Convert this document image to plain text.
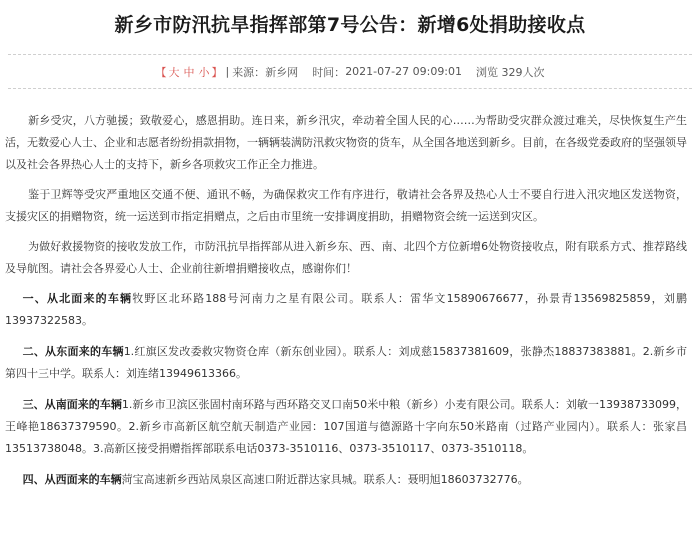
新乡市防汛抗旱指挥部第7号公告：新增6处捐助接收点
【 大 中 小 】 | 来源： 新乡网 时间： 2021-07-27 09:09:01 浏览
329人次

新乡受灾，八方驰援；致敬爱心，感恩捐助。连日来，新乡汛灾，牵动着全国人民的心……为帮助受灾群众渡过难关，尽快恢复生产生活，无数爱心人士、企业和志愿者纷纷捐款捐物，一辆辆装满防汛救灾物资的货车，从全国各地送到新乡。目前，在各级党委政府的坚强领导以及社会各界热心人士的支持下，新乡各项救灾工作正全力推进。

鉴于卫辉等受灾严重地区交通不便、通讯不畅，为确保救灾工作有序进行，敬请社会各界及热心人士不要自行进入汛灾地区发送物资，支援灾区的捐赠物资，统一运送到市指定捐赠点，之后由市里统一安排调度捐助，捐赠物资会统一运送到灾区。

为做好救援物资的接收发放工作，市防汛抗旱指挥部从进入新乡东、西、南、北四个方位新增6处物资接收点，附有联系方式、推荐路线及导航图。请社会各界爱心人士、企业前往新增捐赠接收点，感谢你们！

一、从北面来的车辆牧野区北环路188号河南力之星有限公司。联系人：雷华文15890676677，孙景青13569825859，刘鹏13937322583。

二、从东面来的车辆1.红旗区发改委救灾物资仓库（新东创业园）。联系人：刘成慈15837381609，张静杰18837383881。2.新乡市第四十三中学。联系人：刘连绪13949613366。

三、从南面来的车辆1.新乡市卫滨区张固村南环路与西环路交叉口南50米中粮（新乡）小麦有限公司。联系人：刘敏一13938733099，王峰艳18637379590。2.新乡市高新区航空航天制造产业园：107国道与德源路十字向东50米路南（过路产业园内）。联系人：张家昌13513738048。3.高新区接受捐赠指挥部联系电话0373-3510116、0373-3510117、0373-3510118。

四、从西面来的车辆菏宝高速新乡西站凤泉区高速口附近群达家具城。联系人：聂明旭18603732776。
